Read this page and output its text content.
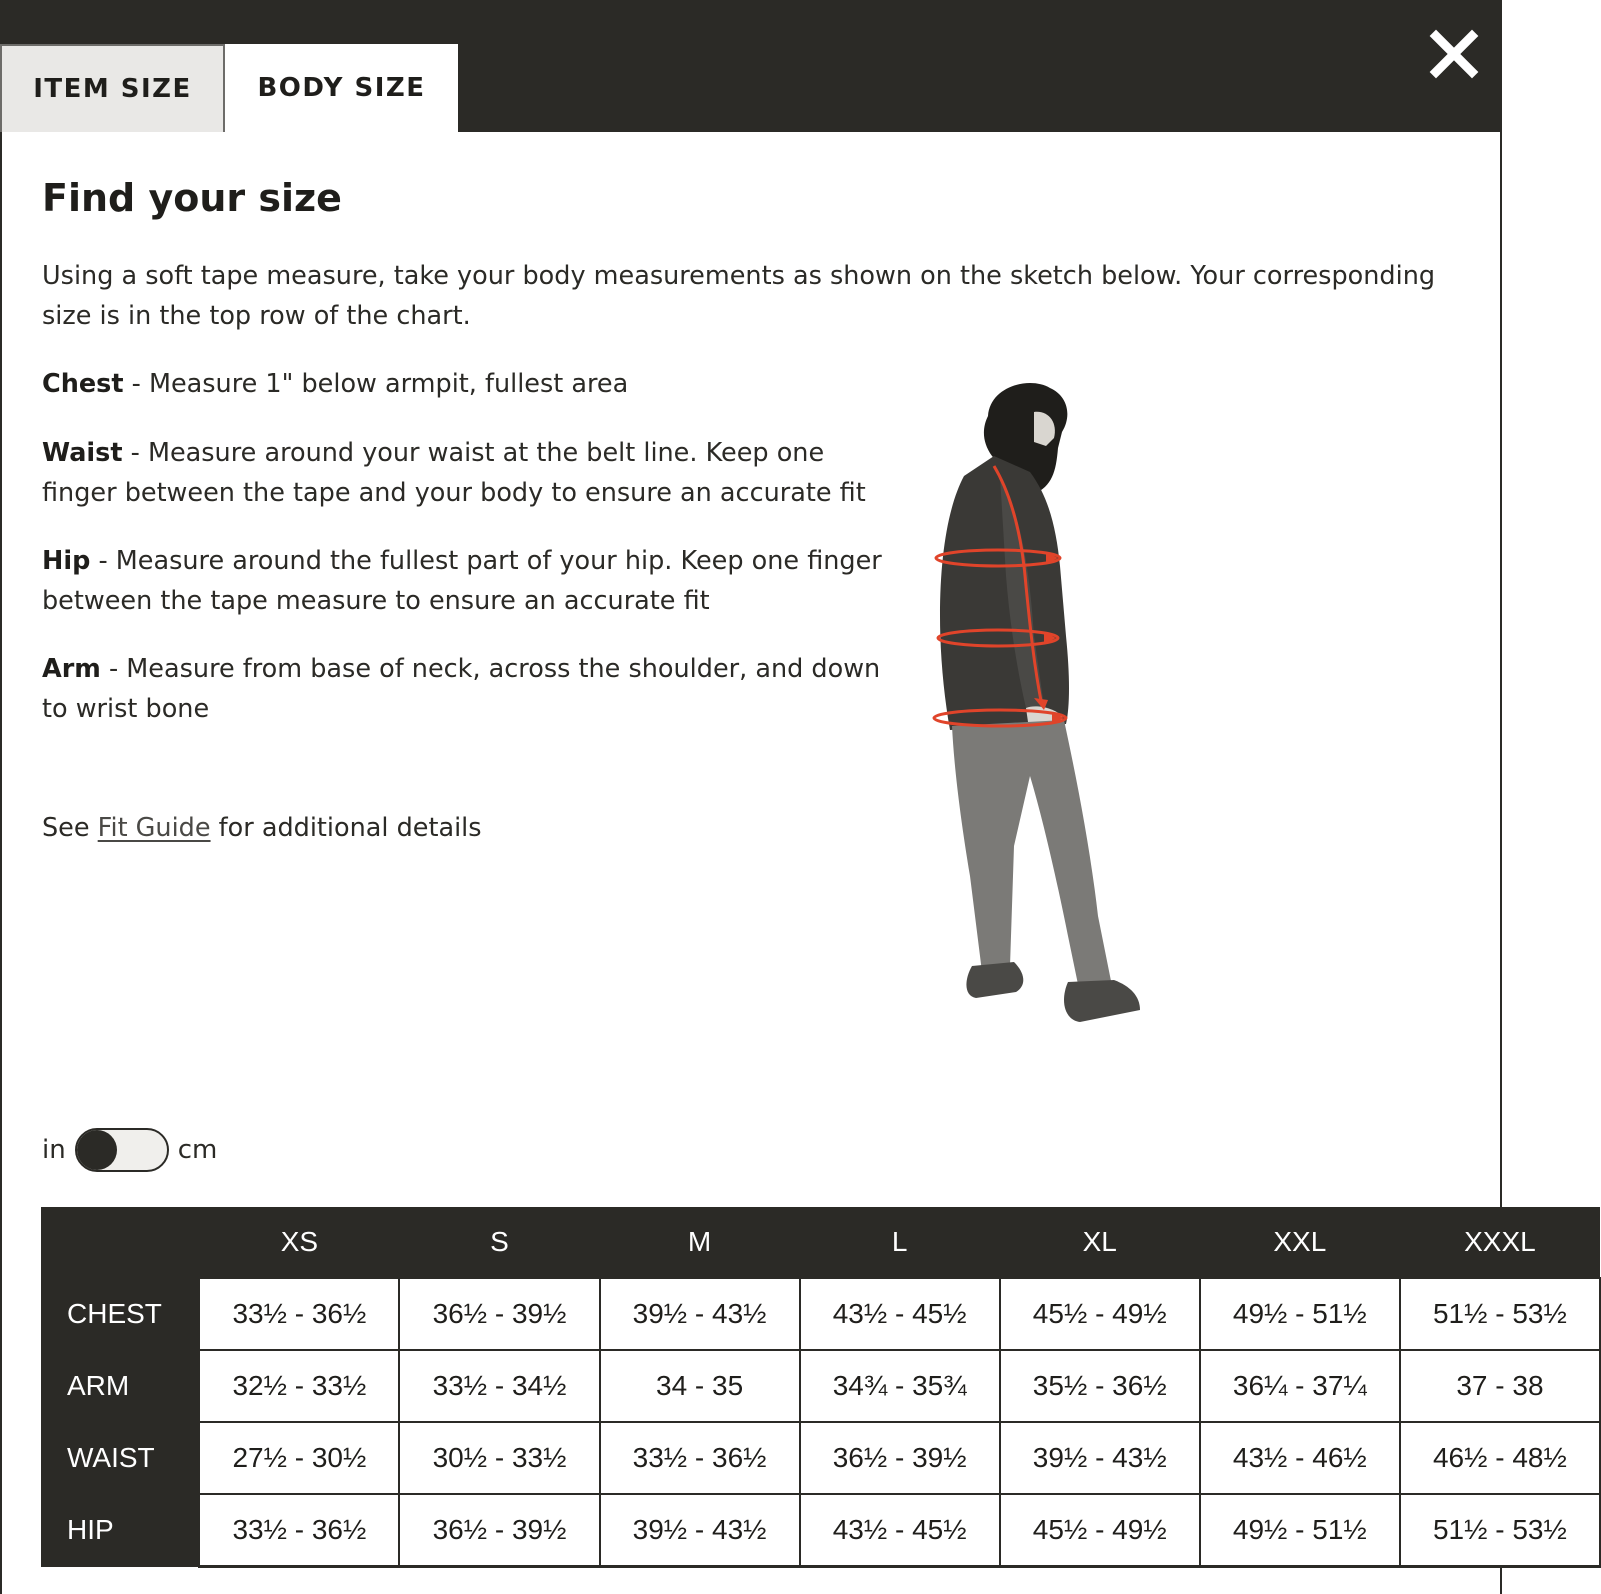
ITEM SIZE	BODY SIZE
Find your size

Using a soft tape measure, take your body measurements as shown on the sketch below. Your corresponding size is in the top row of the chart.

Chest - Measure 1" below armpit, fullest area

Waist - Measure around your waist at the belt line. Keep one finger between the tape and your body to ensure an accurate fit

Hip - Measure around the fullest part of your hip. Keep one finger between the tape measure to ensure an accurate fit

Arm - Measure from base of neck, across the shoulder, and down to wrist bone

See Fit Guide for additional details

in	cm
	XS	S	M	L	XL	XXL	XXXL
CHEST	33½ - 36½	36½ - 39½	39½ - 43½	43½ - 45½	45½ - 49½	49½ - 51½	51½ - 53½
ARM	32½ - 33½	33½ - 34½	34 - 35	34¾ - 35¾	35½ - 36½	36¼ - 37¼	37 - 38
WAIST	27½ - 30½	30½ - 33½	33½ - 36½	36½ - 39½	39½ - 43½	43½ - 46½	46½ - 48½
HIP	33½ - 36½	36½ - 39½	39½ - 43½	43½ - 45½	45½ - 49½	49½ - 51½	51½ - 53½
